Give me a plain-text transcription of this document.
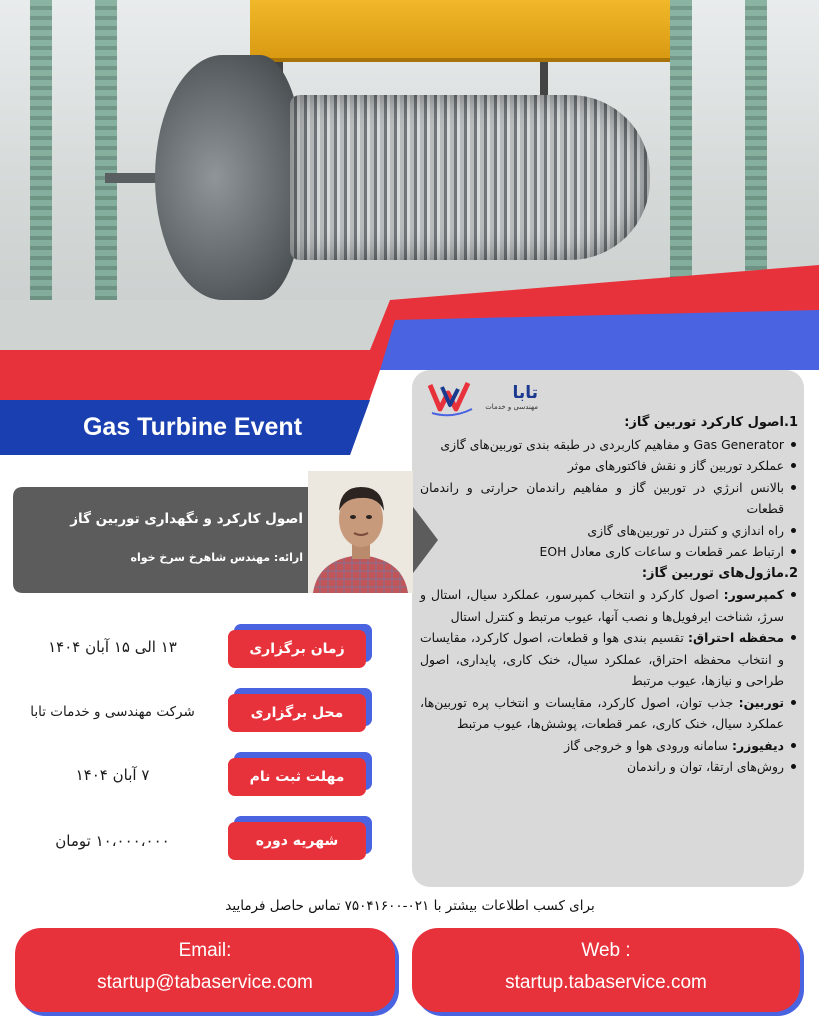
Gas Turbine Event
تابا
مهندسی و خدمات
1.اصول کارکرد توربین گاز:
Gas Generator و مفاهیم کاربردی در طبقه بندی توربین‌های گازی
عملکرد توربین گاز و نقش فاکتورهای موثر
بالانس انرژي در توربین گاز و مفاهیم راندمان حرارتی و راندمان قطعات
راه اندازي و کنترل در توربین‌های گازی
ارتباط عمر قطعات و ساعات کاری معادل EOH
2.ماژول‌های توربین گاز:
کمپرسور: اصول کارکرد و انتخاب کمپرسور، عملکرد سیال، استال و سرژ، شناخت ایرفویل‌ها و نصب آنها، عیوب مرتبط و کنترل استال
محفظه احتراق: تقسیم بندی هوا و قطعات، اصول کارکرد، مقایسات و انتخاب محفظه احتراق، عملکرد سیال، خنک کاری، پایداری، اصول طراحی و نیازها، عیوب مرتبط
توربین: جذب توان، اصول کارکرد، مقایسات و انتخاب پره توربین‌ها، عملکرد سیال، خنک کاری، عمر قطعات، پوشش‌ها، عیوب مرتبط
دیفیوزر: سامانه ورودی هوا و خروجی گاز
روش‌های ارتقا، توان و راندمان
اصول کارکرد و نگهداری توربین گاز
ارائه: مهندس شاهرخ سرخ خواه
زمان برگزاری
۱۳ الی ۱۵ آبان ۱۴۰۴
محل برگزاری
شرکت مهندسی و خدمات تابا
مهلت ثبت نام
۷ آبان ۱۴۰۴
شهریه دوره
۱۰،۰۰۰،۰۰۰ تومان
برای کسب اطلاعات بیشتر با ۰۲۱-۷۵۰۴۱۶۰۰ تماس حاصل فرمایید
Email:
startup@tabaservice.com
Web :
startup.tabaservice.com
